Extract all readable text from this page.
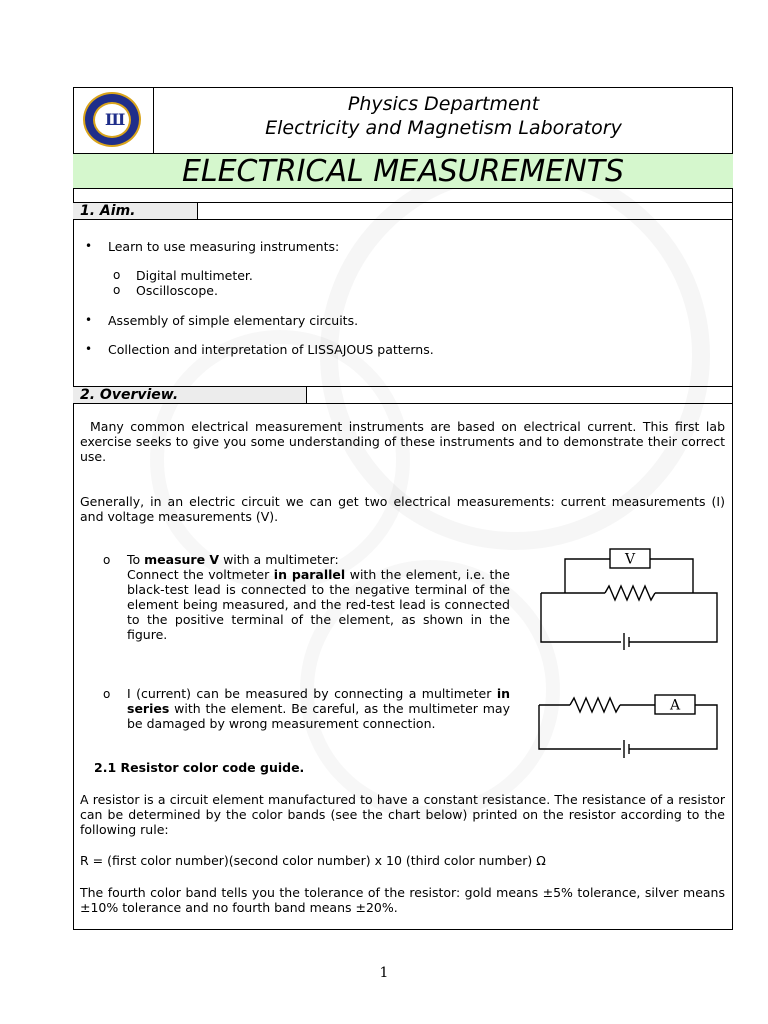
Ш
Physics Department
Electricity and Magnetism Laboratory
ELECTRICAL MEASUREMENTS
1. Aim.
• Learn to use measuring instruments:
o Digital multimeter.
o Oscilloscope.
• Assembly of simple elementary circuits.
• Collection and interpretation of LISSAJOUS patterns.
2. Overview.
Many common electrical measurement instruments are based on electrical current. This first lab exercise seeks to give you some understanding of these instruments and to demonstrate their correct use.
Generally, in an electric circuit we can get two electrical measurements: current measurements (I) and voltage measurements (V).
o To measure V with a multimeter:
Connect the voltmeter in parallel with the element, i.e. the black-test lead is connected to the negative terminal of the element being measured, and the red-test lead is connected to the positive terminal of the element, as shown in the figure.
V
o I (current) can be measured by connecting a multimeter in series with the element. Be careful, as the multimeter may be damaged by wrong measurement connection.
A
2.1 Resistor color code guide.
A resistor is a circuit element manufactured to have a constant resistance. The resistance of a resistor can be determined by the color bands (see the chart below) printed on the resistor according to the following rule:
R = (first color number)(second color number) x 10 (third color number) Ω
The fourth color band tells you the tolerance of the resistor: gold means ±5% tolerance, silver means ±10% tolerance and no fourth band means ±20%.
1
